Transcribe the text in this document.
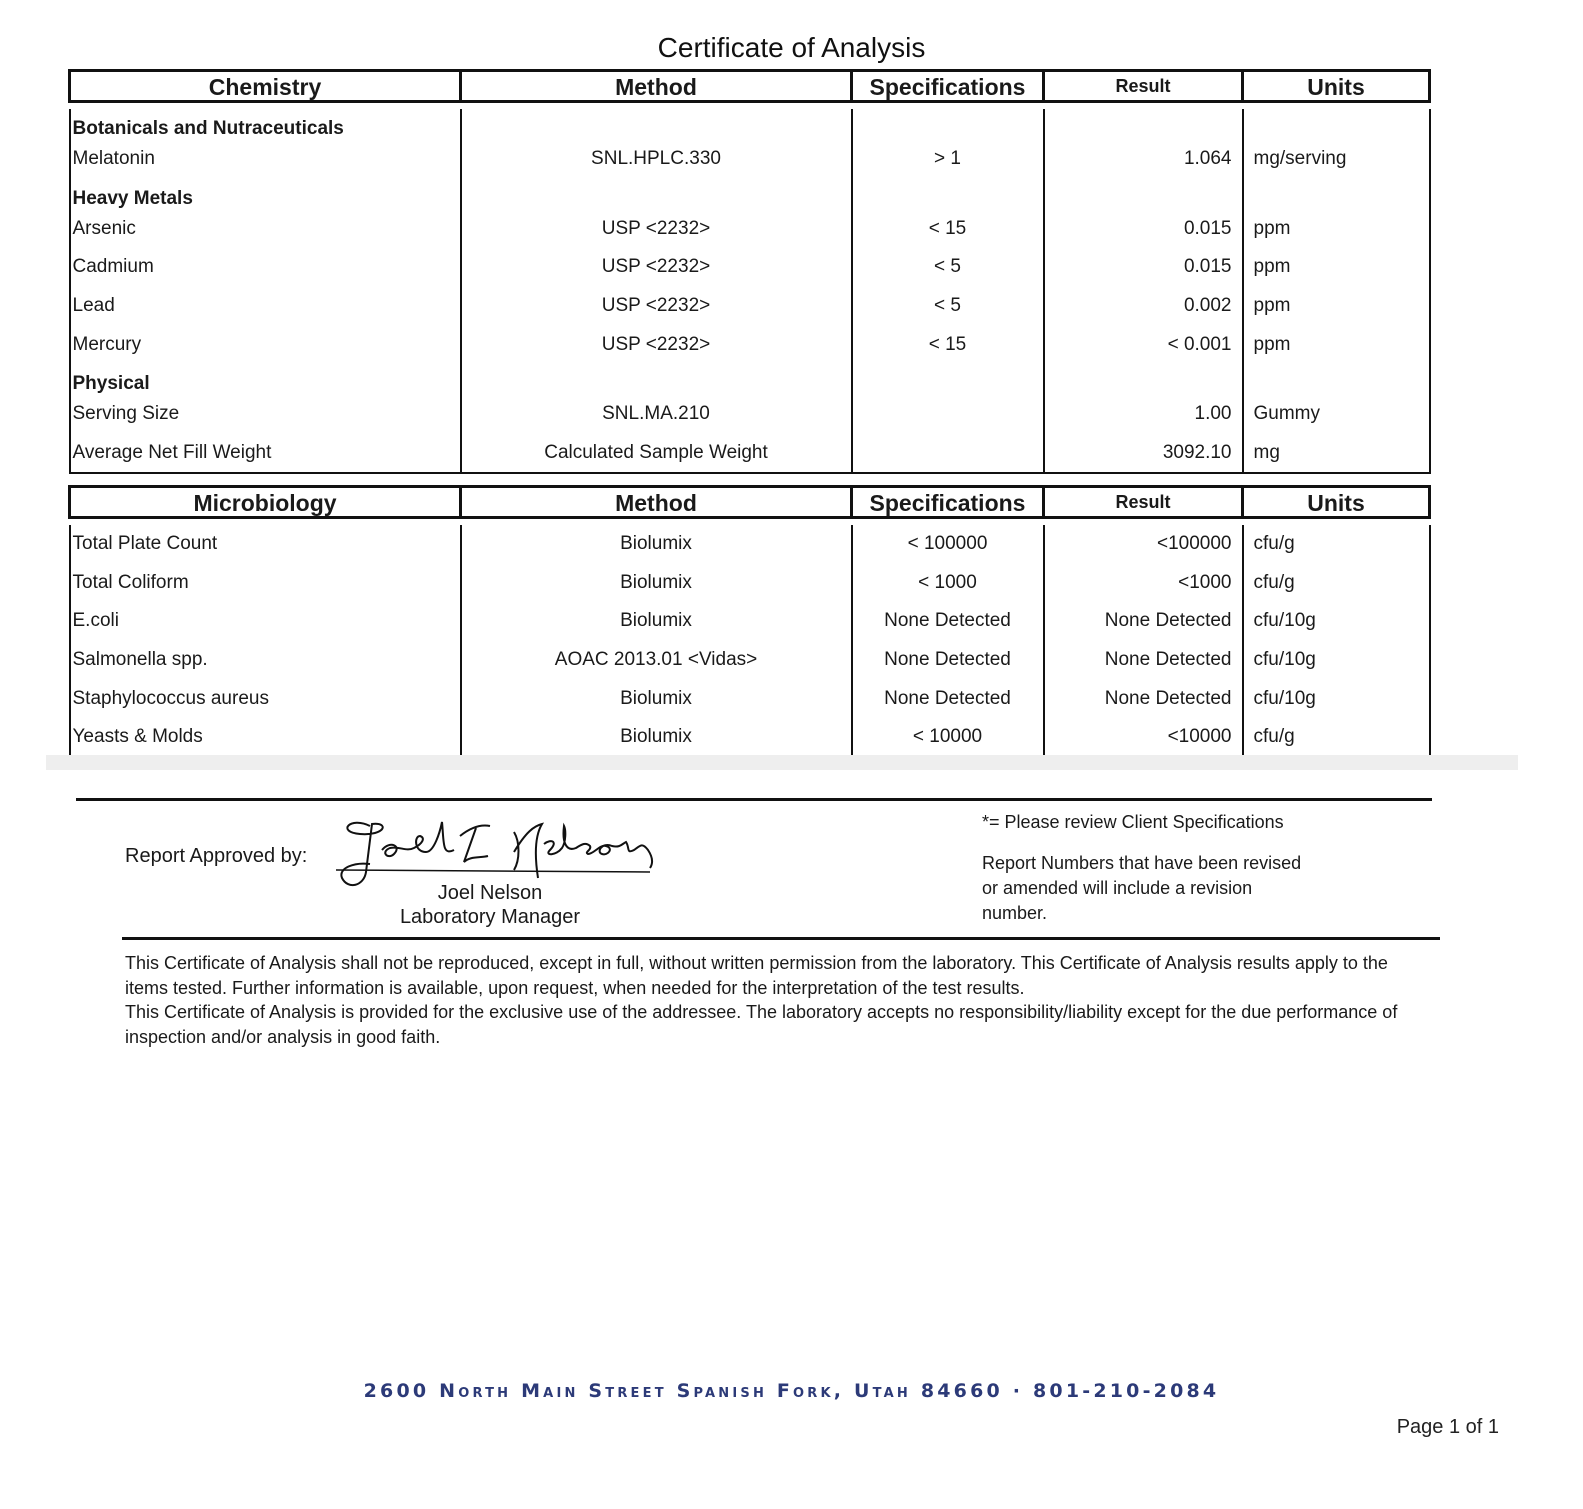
Certificate of Analysis
Chemistry	Method	Specifications	Result	Units

Botanicals and Nutraceuticals				
Melatonin	SNL.HPLC.330	> 1	1.064	mg/serving
Heavy Metals				
Arsenic	USP <2232>	< 15	0.015	ppm
Cadmium	USP <2232>	< 5	0.015	ppm
Lead	USP <2232>	< 5	0.002	ppm
Mercury	USP <2232>	< 15	< 0.001	ppm
Physical				
Serving Size	SNL.MA.210		1.00	Gummy
Average Net Fill Weight	Calculated Sample Weight		3092.10	mg
Microbiology	Method	Specifications	Result	Units

Total Plate Count	Biolumix	< 100000	<100000	cfu/g
Total Coliform	Biolumix	< 1000	<1000	cfu/g
E.coli	Biolumix	None Detected	None Detected	cfu/10g
Salmonella spp.	AOAC 2013.01 <Vidas>	None Detected	None Detected	cfu/10g
Staphylococcus aureus	Biolumix	None Detected	None Detected	cfu/10g
Yeasts & Molds	Biolumix	< 10000	<10000	cfu/g
Report Approved by:
Joel Nelson
Laboratory Manager
*= Please review Client Specifications
Report Numbers that have been revised or amended will include a revision number.

This Certificate of Analysis shall not be reproduced, except in full, without written permission from the laboratory. This Certificate of Analysis results apply to the items tested. Further information is available, upon request, when needed for the interpretation of the test results.

This Certificate of Analysis is provided for the exclusive use of the addressee. The laboratory accepts no responsibility/liability except for the due performance of inspection and/or analysis in good faith.

2600 North Main Street Spanish Fork, Utah 84660 · 801-210-2084
Page 1 of 1
